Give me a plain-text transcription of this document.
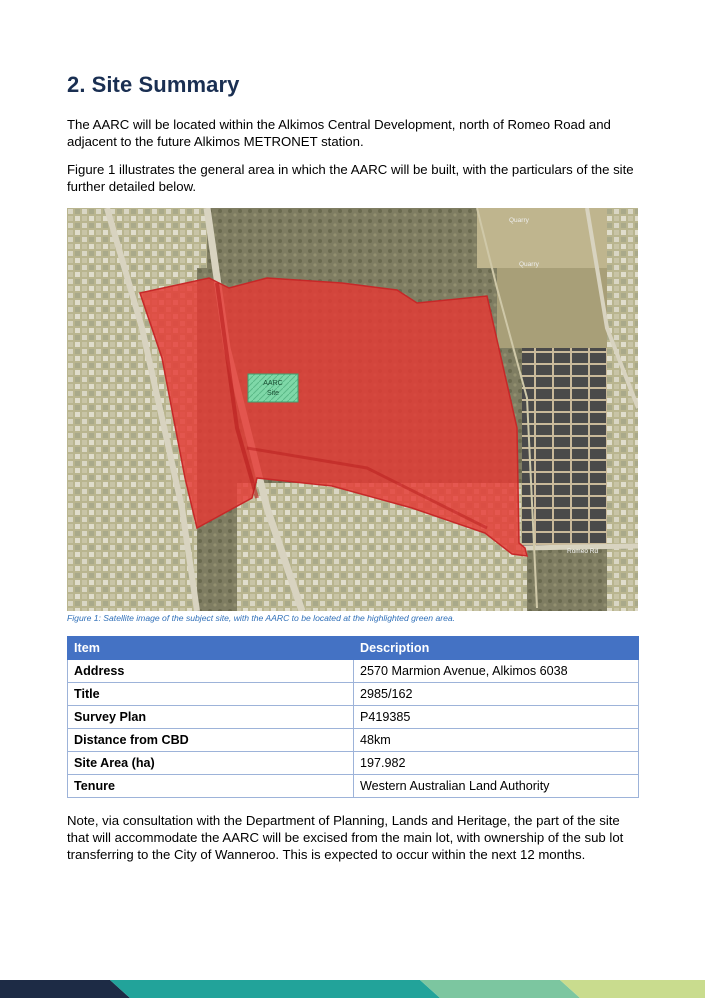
2. Site Summary

The AARC will be located within the Alkimos Central Development, north of Romeo Road and adjacent to the future Alkimos METRONET station.

Figure 1 illustrates the general area in which the AARC will be built, with the particulars of the site further detailed below.

AARC
Site
Quarry
Quarry
Romeo Rd

Figure 1: Satellite image of the subject site, with the AARC to be located at the highlighted green area.

Item	Description
Address	2570 Marmion Avenue, Alkimos 6038
Title	2985/162
Survey Plan	P419385
Distance from CBD	48km
Site Area (ha)	197.982
Tenure	Western Australian Land Authority

Note, via consultation with the Department of Planning, Lands and Heritage, the part of the site that will accommodate the AARC will be excised from the main lot, with ownership of the sub lot transferring to the City of Wanneroo. This is expected to occur within the next 12 months.
